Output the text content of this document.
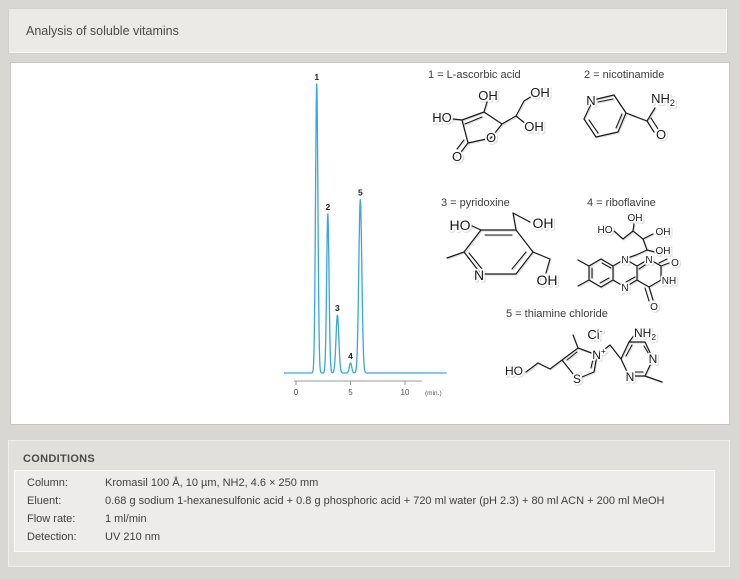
Analysis of soluble vitamins
0	5	10 (min.)
1
2
3
4
5
1 = L-ascorbic acid	2 = nicotinamide
3 = pyridoxine	4 = riboflavine
5 = thiamine chloride
OH	OH
HO
O
OH
O
N	$NH_2$
O
HO	OH
N	OH
HO
OH
OH
OH
N N O
NH
N
O
HO
Cl-
N+
S
$NH_2$
N
N
CONDITIONS
Column:	Kromasil 100 Å, 10 µm, NH2, 4.6 × 250 mm
Eluent:	0.68 g sodium 1-hexanesulfonic acid + 0.8 g phosphoric acid + 720 ml water (pH 2.3) + 80 ml ACN + 200 ml MeOH
Flow rate:	1 ml/min
Detection:	UV 210 nm
